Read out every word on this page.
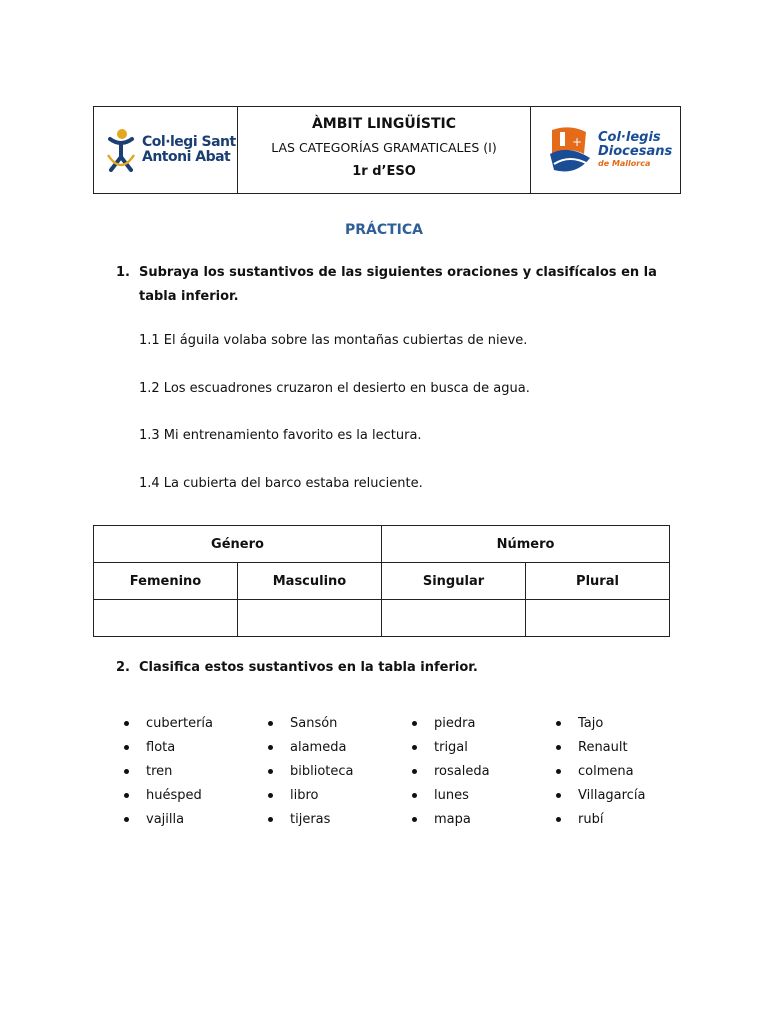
Col·legi Sant
Antoni Abat
ÀMBIT LINGÜÍSTIC
LAS CATEGORÍAS GRAMATICALES (I)
1r d’ESO
+ Col·legis
Diocesans
de Mallorca
PRÁCTICA
1. Subraya los sustantivos de las siguientes oraciones y clasifícalos en la tabla inferior.
1.1 El águila volaba sobre las montañas cubiertas de nieve.
1.2 Los escuadrones cruzaron el desierto en busca de agua.
1.3 Mi entrenamiento favorito es la lectura.
1.4 La cubierta del barco estaba reluciente.
Género		Número	
Femenino	Masculino	Singular	Plural

2. Clasifica estos sustantivos en la tabla inferior.
cubertería
flota
tren
huésped
vajilla
Sansón
alameda
biblioteca
libro
tijeras
piedra
trigal
rosaleda
lunes
mapa
Tajo
Renault
colmena
Villagarcía
rubí
